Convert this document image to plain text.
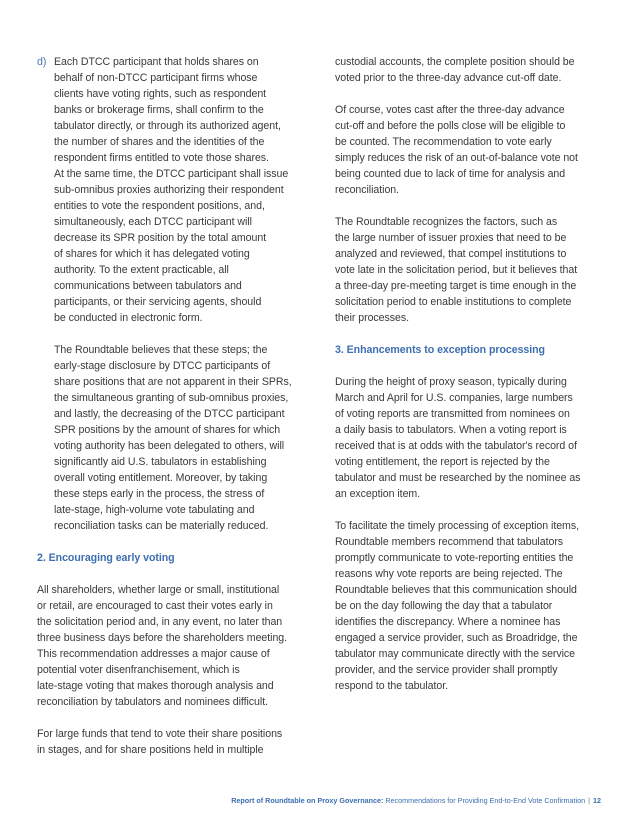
d) Each DTCC participant that holds shares on
behalf of non-DTCC participant firms whose
clients have voting rights, such as respondent
banks or brokerage firms, shall confirm to the
tabulator directly, or through its authorized agent,
the number of shares and the identities of the
respondent firms entitled to vote those shares.
At the same time, the DTCC participant shall issue
sub-omnibus proxies authorizing their respondent
entities to vote the respondent positions, and,
simultaneously, each DTCC participant will
decrease its SPR position by the total amount
of shares for which it has delegated voting
authority. To the extent practicable, all
communications between tabulators and
participants, or their servicing agents, should
be conducted in electronic form.
The Roundtable believes that these steps; the
early-stage disclosure by DTCC participants of
share positions that are not apparent in their SPRs,
the simultaneous granting of sub-omnibus proxies,
and lastly, the decreasing of the DTCC participant
SPR positions by the amount of shares for which
voting authority has been delegated to others, will
significantly aid U.S. tabulators in establishing
overall voting entitlement. Moreover, by taking
these steps early in the process, the stress of
late-stage, high-volume vote tabulating and
reconciliation tasks can be materially reduced.
2. Encouraging early voting
All shareholders, whether large or small, institutional
or retail, are encouraged to cast their votes early in
the solicitation period and, in any event, no later than
three business days before the shareholders meeting.
This recommendation addresses a major cause of
potential voter disenfranchisement, which is
late-stage voting that makes thorough analysis and
reconciliation by tabulators and nominees difficult.
For large funds that tend to vote their share positions
in stages, and for share positions held in multiple
custodial accounts, the complete position should be
voted prior to the three-day advance cut-off date.
Of course, votes cast after the three-day advance
cut-off and before the polls close will be eligible to
be counted. The recommendation to vote early
simply reduces the risk of an out-of-balance vote not
being counted due to lack of time for analysis and
reconciliation.
The Roundtable recognizes the factors, such as
the large number of issuer proxies that need to be
analyzed and reviewed, that compel institutions to
vote late in the solicitation period, but it believes that
a three-day pre-meeting target is time enough in the
solicitation period to enable institutions to complete
their processes.
3. Enhancements to exception processing
During the height of proxy season, typically during
March and April for U.S. companies, large numbers
of voting reports are transmitted from nominees on
a daily basis to tabulators. When a voting report is
received that is at odds with the tabulator's record of
voting entitlement, the report is rejected by the
tabulator and must be researched by the nominee as
an exception item.
To facilitate the timely processing of exception items,
Roundtable members recommend that tabulators
promptly communicate to vote-reporting entities the
reasons why vote reports are being rejected. The
Roundtable believes that this communication should
be on the day following the day that a tabulator
identifies the discrepancy. Where a nominee has
engaged a service provider, such as Broadridge, the
tabulator may communicate directly with the service
provider, and the service provider shall promptly
respond to the tabulator.
Report of Roundtable on Proxy Governance: Recommendations for Providing End-to-End Vote Confirmation | 12
